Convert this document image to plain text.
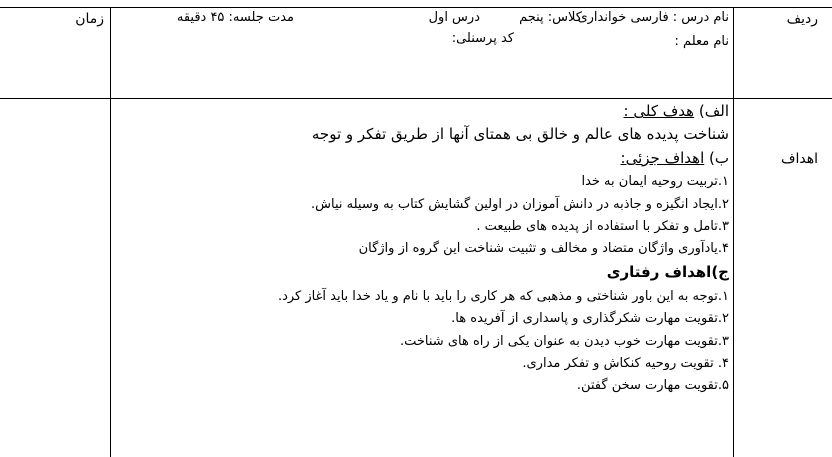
ردیف
نام درس : فارسی خوانداری
کلاس: پنجم
درس اول
مدت جلسه: ۴۵ دقیقه
نام معلم :
کد پرسنلی:
زمان
اهداف
الف) هدف کلی :
شناخت پدیده های عالم و خالق بی همتای آنها از طریق تفکر و توجه
ب) اهداف جزئی:
۱.تربیت روحیه ایمان به خدا
۲.ایجاد انگیزه و جاذبه در دانش آموزان در اولین گشایش کتاب به وسیله نیاش.
۳.تامل و تفکر با استفاده از پدیده های طبیعت .
۴.یادآوری واژگان متضاد و مخالف و تثبیت شناخت این گروه از واژگان
ج)اهداف رفتاری
۱.توجه به این باور شناختی و مذهبی که هر کاری را باید با نام و یاد خدا باید آغاز کرد.
۲.تقویت مهارت شکرگذاری و پاسداری از آفریده ها.
۳.تقویت مهارت خوب دیدن به عنوان یکی از راه های شناخت.
۴. تقویت روحیه کنکاش و تفکر مداری.
۵.تقویت مهارت سخن گفتن.
